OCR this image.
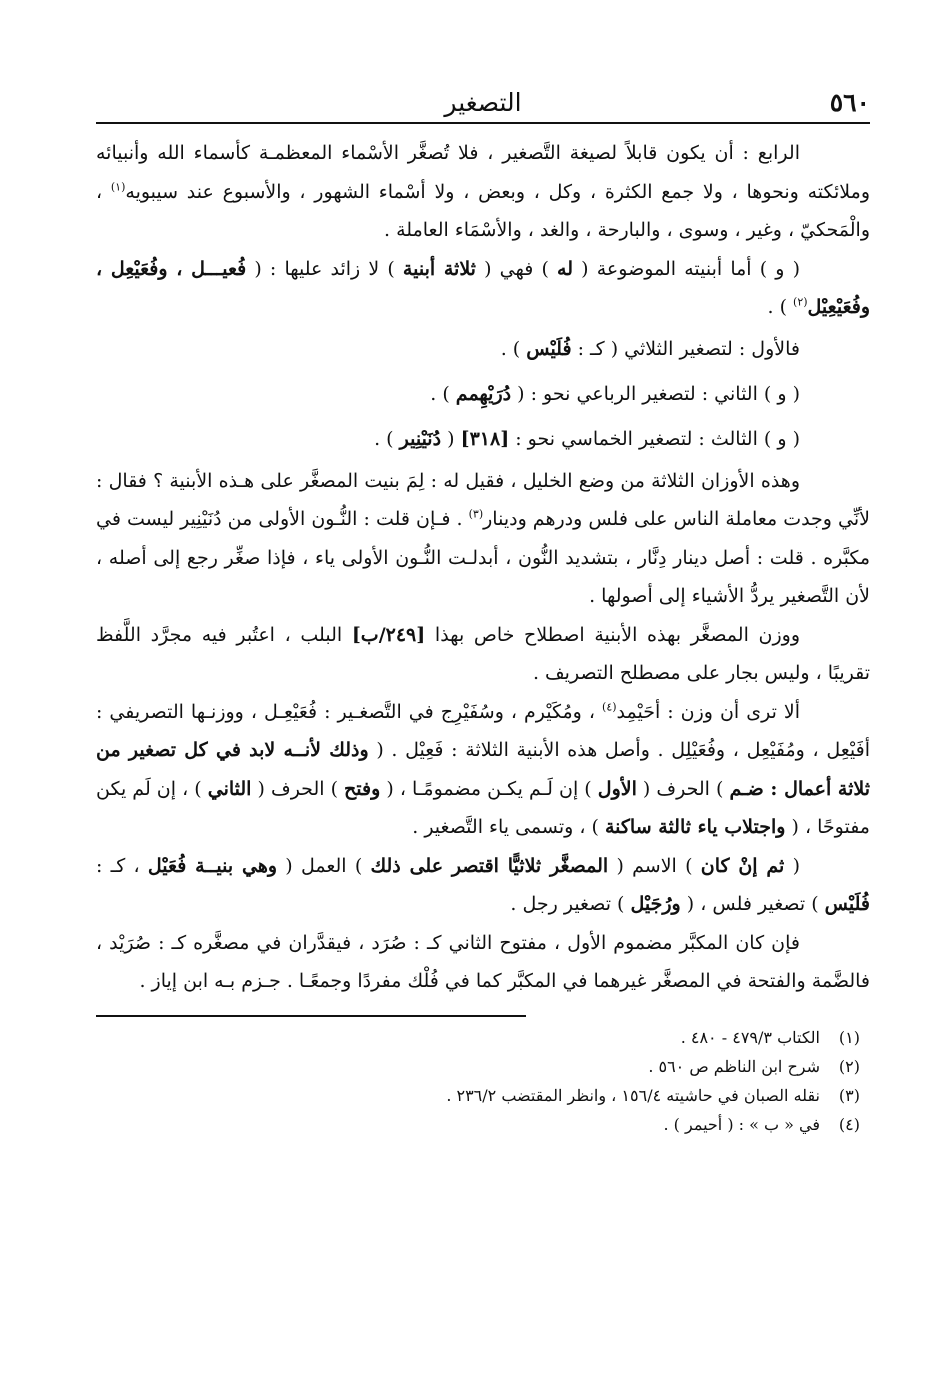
٥٦٠
التصغير

الرابع : أن يكون قابلاً لصيغة التَّصغير ، فلا تُصغَّر الأسْماء المعظمـة كأسماء الله وأنبيائه وملائكته ونحوها ، ولا جمع الكثرة ، وكل ، وبعض ، ولا أسْماء الشهور ، والأسبوع عند سيبويه$^{(١)}$ ، والْمَحكيّ ، وغير ، وسوى ، والبارحة ، والغد ، والأسْمَاء العاملة .

( و ) أما أبنيته الموضوعة ( له ) فهي ( ثلاثة أبنية ) لا زائد عليها : ( فُعيـــل ، وفُعَيْعِل ، وفُعَيْعِيْل$^{(٢)}$ ) .

فالأول : لتصغير الثلاثي ( كـ : فُلَيْس ) .

( و ) الثاني : لتصغير الرباعي نحو : ( دُرَيْهِمم ) .

( و ) الثالث : لتصغير الخماسي نحو : [٣١٨] ( دُنَيْنِير ) .

وهذه الأوزان الثلاثة من وضع الخليل ، فقيل له : لِمَ بنيت المصغَّر على هـذه الأبنية ؟ فقال : لأنِّي وجدت معاملة الناس على فلس ودرهم ودينار$^{(٣)}$ . فـإن قلت : النُّـون الأولى من دُنَيْنِير ليست في مكبَّره . قلت : أصل دينار دِنَّار ، بتشديد النُّون ، أبدلـت النُّـون الأولى ياء ، فإذا صغِّر رجع إلى أصله ، لأن التَّصغير يردُّ الأشياء إلى أصولها .

ووزن المصغَّر بهذه الأبنية اصطلاح خاص بهذا [٢٤٩/ب] البلب ، اعتُبر فيه مجرَّد اللَّفظ تقريبًا ، وليس بجار على مصطلح التصريف .

ألا ترى أن وزن : أحَيْمِد$^{(٤)}$ ، ومُكَيْرم ، وسُفَيْرِج في التَّصغـير : فُعَيْعِـل ، ووزنـها التصريفي : أفَيْعِل ، ومُفَيْعِل ، وفُعَيْلِل . وأصل هذه الأبنية الثلاثة : فَعِيْل . ( وذلك لأنــه لابد في كل تصغير من ثلاثة أعمال : ضـم ) الحرف ( الأول ) إن لَـم يكـن مضمومًـا ، ( وفتح ) الحرف ( الثاني ) ، إن لَم يكن مفتوحًا ، ( واجتلاب ياء ثالثة ساكنة ) ، وتسمى ياء التَّصغير .

( ثم إنْ كان ) الاسم ( المصغَّر ثلاثيًّا اقتصر على ذلك ) العمل ( وهي بنيــة فُعَيْل ، كـ : فُلَيْس ) تصغير فلس ، ( ورُجَيْل ) تصغير رجل .

فإن كان المكبَّر مضموم الأول ، مفتوح الثاني كـ : صُرَد ، فيقدَّران في مصغَّره كـ : صُرَيْد ، فالضَّمة والفتحة في المصغَّر غيرهما في المكبَّر كما في فُلْك مفردًا وجمعًـا . جـزم بـه ابن إياز .

(١)
الكتاب ٤٧٩/٣ - ٤٨٠ .
(٢)
شرح ابن الناظم ص ٥٦٠ .
(٣)
نقله الصبان في حاشيته ١٥٦/٤ ، وانظر المقتضب ٢٣٦/٢ .
(٤)
في « ب » : ( أحيمر ) .
